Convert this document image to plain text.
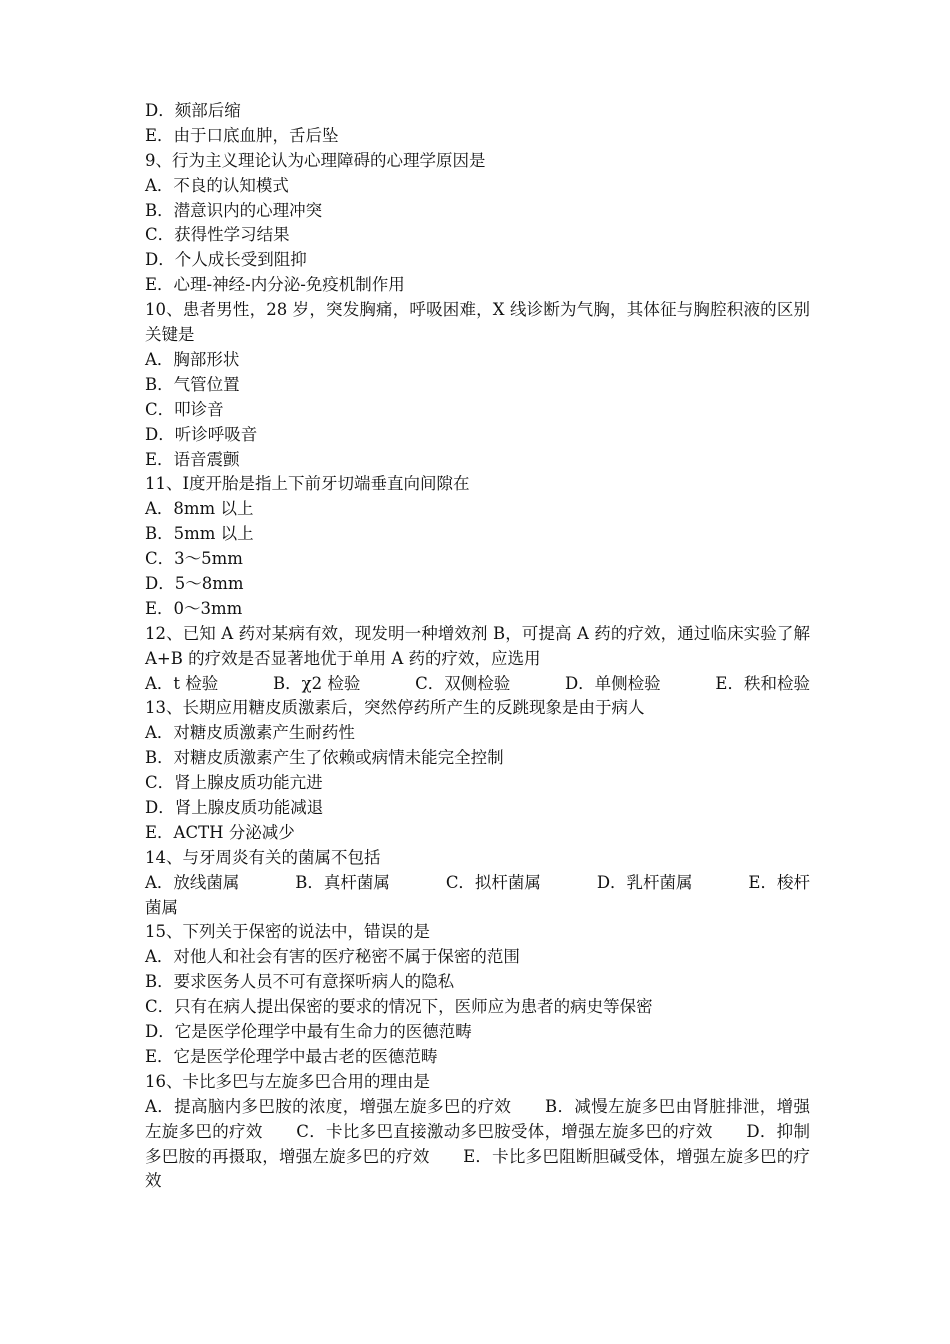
D．颏部后缩
E．由于口底血肿，舌后坠
9、行为主义理论认为心理障碍的心理学原因是
A．不良的认知模式
B．潜意识内的心理冲突
C．获得性学习结果
D．个人成长受到阻抑
E．心理-神经-内分泌-免疫机制作用
10、患者男性，28 岁，突发胸痛，呼吸困难，X 线诊断为气胸，其体征与胸腔积液的区别关键是
A．胸部形状
B．气管位置
C．叩诊音
D．听诊呼吸音
E．语音震颤
11、Ⅰ度开胎是指上下前牙切端垂直向间隙在
A．8mm 以上
B．5mm 以上
C．3～5mm
D．5～8mm
E．0～3mm
12、已知 A 药对某病有效，现发明一种增效剂 B，可提高 A 药的疗效，通过临床实验了解 A+B 的疗效是否显著地优于单用 A 药的疗效，应选用
A．t 检验	B．χ2 检验	C．双侧检验	D．单侧检验	E．秩和检验
13、长期应用糖皮质激素后，突然停药所产生的反跳现象是由于病人
A．对糖皮质激素产生耐药性
B．对糖皮质激素产生了依赖或病情未能完全控制
C．肾上腺皮质功能亢进
D．肾上腺皮质功能减退
E．ACTH 分泌减少
14、与牙周炎有关的菌属不包括
A．放线菌属	B．真杆菌属	C．拟杆菌属	D．乳杆菌属	E．梭杆
菌属
15、下列关于保密的说法中，错误的是
A．对他人和社会有害的医疗秘密不属于保密的范围
B．要求医务人员不可有意探听病人的隐私
C．只有在病人提出保密的要求的情况下，医师应为患者的病史等保密
D．它是医学伦理学中最有生命力的医德范畴
E．它是医学伦理学中最古老的医德范畴
16、卡比多巴与左旋多巴合用的理由是
A．提高脑内多巴胺的浓度，增强左旋多巴的疗效　　B．减慢左旋多巴由肾脏排泄，增强左旋多巴的疗效　　C．卡比多巴直接激动多巴胺受体，增强左旋多巴的疗效　　D．抑制多巴胺的再摄取，增强左旋多巴的疗效　　E．卡比多巴阻断胆碱受体，增强左旋多巴的疗效
